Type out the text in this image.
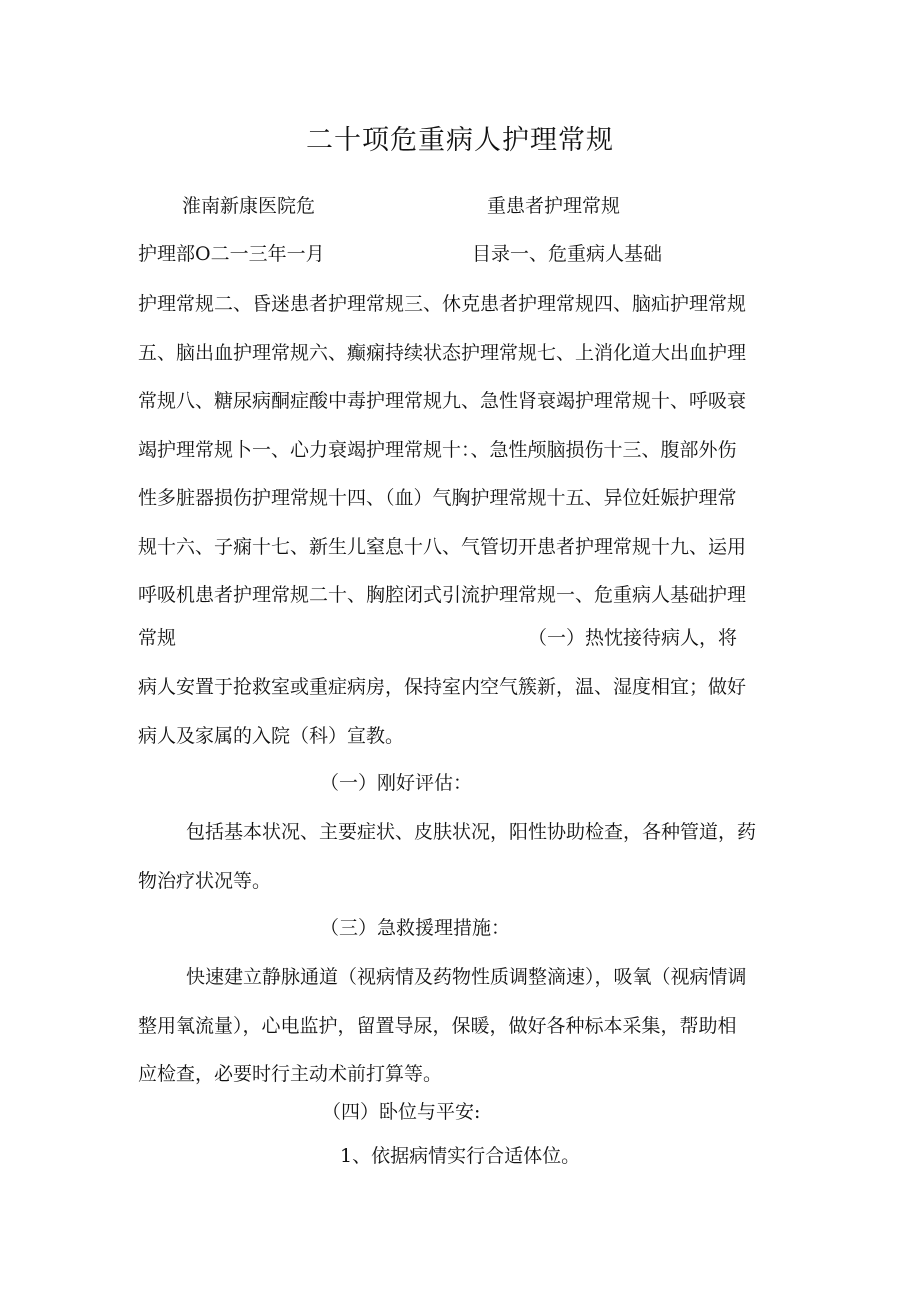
二十项危重病人护理常规
淮南新康医院危	重患者护理常规
护理部O二一三年一月	目录一、危重病人基础
护理常规二、昏迷患者护理常规三、休克患者护理常规四、脑疝护理常规
五、脑出血护理常规六、癫痫持续状态护理常规七、上消化道大出血护理
常规八、糖尿病酮症酸中毒护理常规九、急性肾衰竭护理常规十、呼吸衰
竭护理常规卜一、心力衰竭护理常规十：、急性颅脑损伤十三、腹部外伤
性多脏器损伤护理常规十四、（血）气胸护理常规十五、异位妊娠护理常
规十六、子痫十七、新生儿窒息十八、气管切开患者护理常规十九、运用
呼吸机患者护理常规二十、胸腔闭式引流护理常规一、危重病人基础护理
常规	（一）热忱接待病人，将
病人安置于抢救室或重症病房，保持室内空气簇新，温、湿度相宜；做好
病人及家属的入院（科）宣教。
（一）刚好评估：
包括基本状况、主要症状、皮肤状况，阳性协助检查，各种管道，药
物治疗状况等。
（三）急救援理措施：
快速建立静脉通道（视病情及药物性质调整滴速），吸氧（视病情调
整用氧流量），心电监护，留置导尿，保暖，做好各种标本采集，帮助相
应检查，必要时行主动术前打算等。
（四）卧位与平安:
1、依据病情实行合适体位。
